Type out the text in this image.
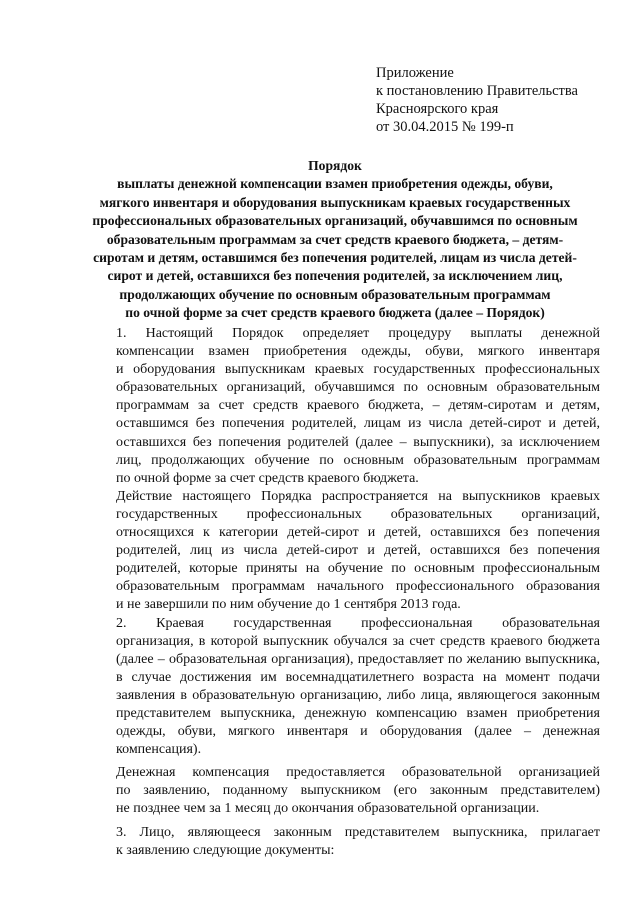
Приложение
к постановлению Правительства
Красноярского края
от 30.04.2015 № 199-п
Порядок
выплаты денежной компенсации взамен приобретения одежды, обуви,
мягкого инвентаря и оборудования выпускникам краевых государственных
профессиональных образовательных организаций, обучавшимся по основным
образовательным программам за счет средств краевого бюджета, – детям-
сиротам и детям, оставшимся без попечения родителей, лицам из числа детей-
сирот и детей, оставшихся без попечения родителей, за исключением лиц,
продолжающих обучение по основным образовательным программам
по очной форме за счет средств краевого бюджета (далее – Порядок)

1. Настоящий Порядок определяет процедуру выплаты денежной
компенсации взамен приобретения одежды, обуви, мягкого инвентаря
и оборудования выпускникам краевых государственных профессиональных
образовательных организаций, обучавшимся по основным образовательным
программам за счет средств краевого бюджета, – детям-сиротам и детям,
оставшимся без попечения родителей, лицам из числа детей-сирот и детей,
оставшихся без попечения родителей (далее – выпускники), за исключением
лиц, продолжающих обучение по основным образовательным программам
по очной форме за счет средств краевого бюджета.

Действие настоящего Порядка распространяется на выпускников краевых
государственных профессиональных образовательных организаций,
относящихся к категории детей-сирот и детей, оставшихся без попечения
родителей, лиц из числа детей-сирот и детей, оставшихся без попечения
родителей, которые приняты на обучение по основным профессиональным
образовательным программам начального профессионального образования
и не завершили по ним обучение до 1 сентября 2013 года.

2. Краевая государственная профессиональная образовательная
организация, в которой выпускник обучался за счет средств краевого бюджета
(далее – образовательная организация), предоставляет по желанию выпускника,
в случае достижения им восемнадцатилетнего возраста на момент подачи
заявления в образовательную организацию, либо лица, являющегося законным
представителем выпускника, денежную компенсацию взамен приобретения
одежды, обуви, мягкого инвентаря и оборудования (далее – денежная
компенсация).

Денежная компенсация предоставляется образовательной организацией
по заявлению, поданному выпускником (его законным представителем)
не позднее чем за 1 месяц до окончания образовательной организации.

3. Лицо, являющееся законным представителем выпускника, прилагает
к заявлению следующие документы:
